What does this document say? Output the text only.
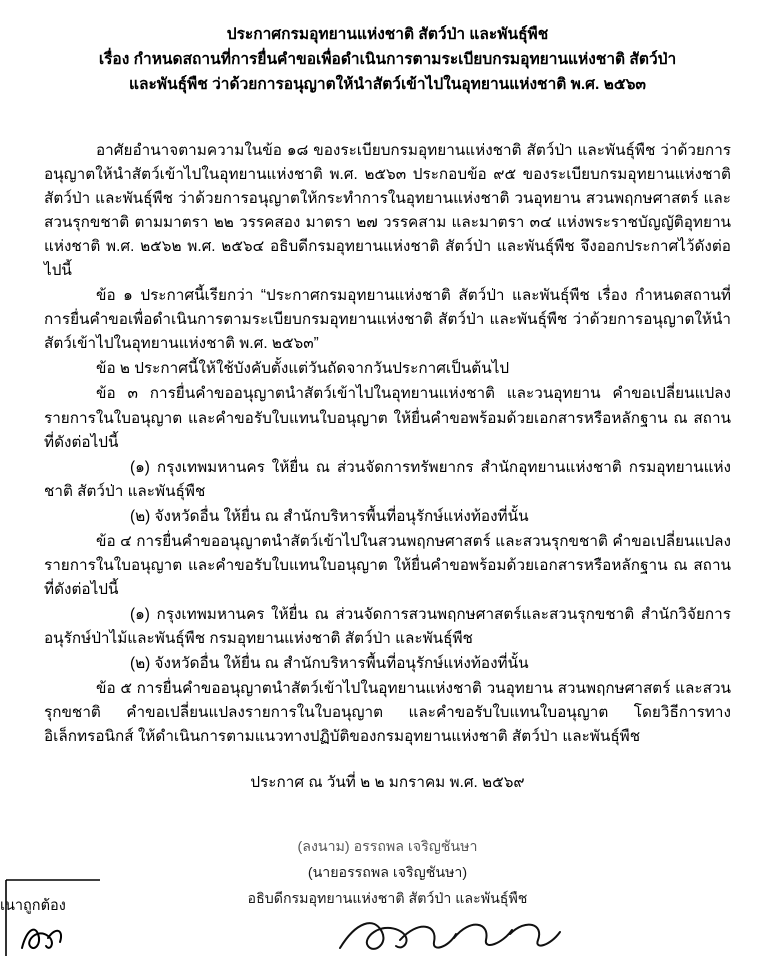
ประกาศกรมอุทยานแห่งชาติ สัตว์ป่า และพันธุ์พืช
เรื่อง กำหนดสถานที่การยื่นคำขอเพื่อดำเนินการตามระเบียบกรมอุทยานแห่งชาติ สัตว์ป่า
และพันธุ์พืช ว่าด้วยการอนุญาตให้นำสัตว์เข้าไปในอุทยานแห่งชาติ พ.ศ. ๒๕๖๓

อาศัยอำนาจตามความในข้อ ๑๘ ของระเบียบกรมอุทยานแห่งชาติ สัตว์ป่า และพันธุ์พืช ว่าด้วยการอนุญาตให้นำสัตว์เข้าไปในอุทยานแห่งชาติ พ.ศ. ๒๕๖๓ ประกอบข้อ ๙๕ ของระเบียบกรมอุทยานแห่งชาติ สัตว์ป่า และพันธุ์พืช ว่าด้วยการอนุญาตให้กระทำการในอุทยานแห่งชาติ วนอุทยาน สวนพฤกษศาสตร์ และสวนรุกขชาติ ตามมาตรา ๒๒ วรรคสอง มาตรา ๒๗ วรรคสาม และมาตรา ๓๔ แห่งพระราชบัญญัติอุทยานแห่งชาติ พ.ศ. ๒๕๖๒ พ.ศ. ๒๕๖๔ อธิบดีกรมอุทยานแห่งชาติ สัตว์ป่า และพันธุ์พืช จึงออกประกาศไว้ดังต่อไปนี้

ข้อ ๑ ประกาศนี้เรียกว่า “ประกาศกรมอุทยานแห่งชาติ สัตว์ป่า และพันธุ์พืช เรื่อง กำหนดสถานที่การยื่นคำขอเพื่อดำเนินการตามระเบียบกรมอุทยานแห่งชาติ สัตว์ป่า และพันธุ์พืช ว่าด้วยการอนุญาตให้นำสัตว์เข้าไปในอุทยานแห่งชาติ พ.ศ. ๒๕๖๓”

ข้อ ๒ ประกาศนี้ให้ใช้บังคับตั้งแต่วันถัดจากวันประกาศเป็นต้นไป

ข้อ ๓ การยื่นคำขออนุญาตนำสัตว์เข้าไปในอุทยานแห่งชาติ และวนอุทยาน คำขอเปลี่ยนแปลงรายการในใบอนุญาต และคำขอรับใบแทนใบอนุญาต ให้ยื่นคำขอพร้อมด้วยเอกสารหรือหลักฐาน ณ สถานที่ดังต่อไปนี้

(๑) กรุงเทพมหานคร ให้ยื่น ณ ส่วนจัดการทรัพยากร สำนักอุทยานแห่งชาติ กรมอุทยานแห่งชาติ สัตว์ป่า และพันธุ์พืช

(๒) จังหวัดอื่น ให้ยื่น ณ สำนักบริหารพื้นที่อนุรักษ์แห่งท้องที่นั้น

ข้อ ๔ การยื่นคำขออนุญาตนำสัตว์เข้าไปในสวนพฤกษศาสตร์ และสวนรุกขชาติ คำขอเปลี่ยนแปลงรายการในใบอนุญาต และคำขอรับใบแทนใบอนุญาต ให้ยื่นคำขอพร้อมด้วยเอกสารหรือหลักฐาน ณ สถานที่ดังต่อไปนี้

(๑) กรุงเทพมหานคร ให้ยื่น ณ ส่วนจัดการสวนพฤกษศาสตร์และสวนรุกขชาติ สำนักวิจัยการอนุรักษ์ป่าไม้และพันธุ์พืช กรมอุทยานแห่งชาติ สัตว์ป่า และพันธุ์พืช

(๒) จังหวัดอื่น ให้ยื่น ณ สำนักบริหารพื้นที่อนุรักษ์แห่งท้องที่นั้น

ข้อ ๕ การยื่นคำขออนุญาตนำสัตว์เข้าไปในอุทยานแห่งชาติ วนอุทยาน สวนพฤกษศาสตร์ และสวนรุกขชาติ คำขอเปลี่ยนแปลงรายการในใบอนุญาต และคำขอรับใบแทนใบอนุญาต โดยวิธีการทางอิเล็กทรอนิกส์ ให้ดำเนินการตามแนวทางปฏิบัติของกรมอุทยานแห่งชาติ สัตว์ป่า และพันธุ์พืช

ประกาศ ณ วันที่ ๒ ๒ มกราคม พ.ศ. ๒๕๖๙
(ลงนาม) อรรถพล เจริญชันษา
(นายอรรถพล เจริญชันษา)
อธิบดีกรมอุทยานแห่งชาติ สัตว์ป่า และพันธุ์พืช
เนาถูกต้อง
